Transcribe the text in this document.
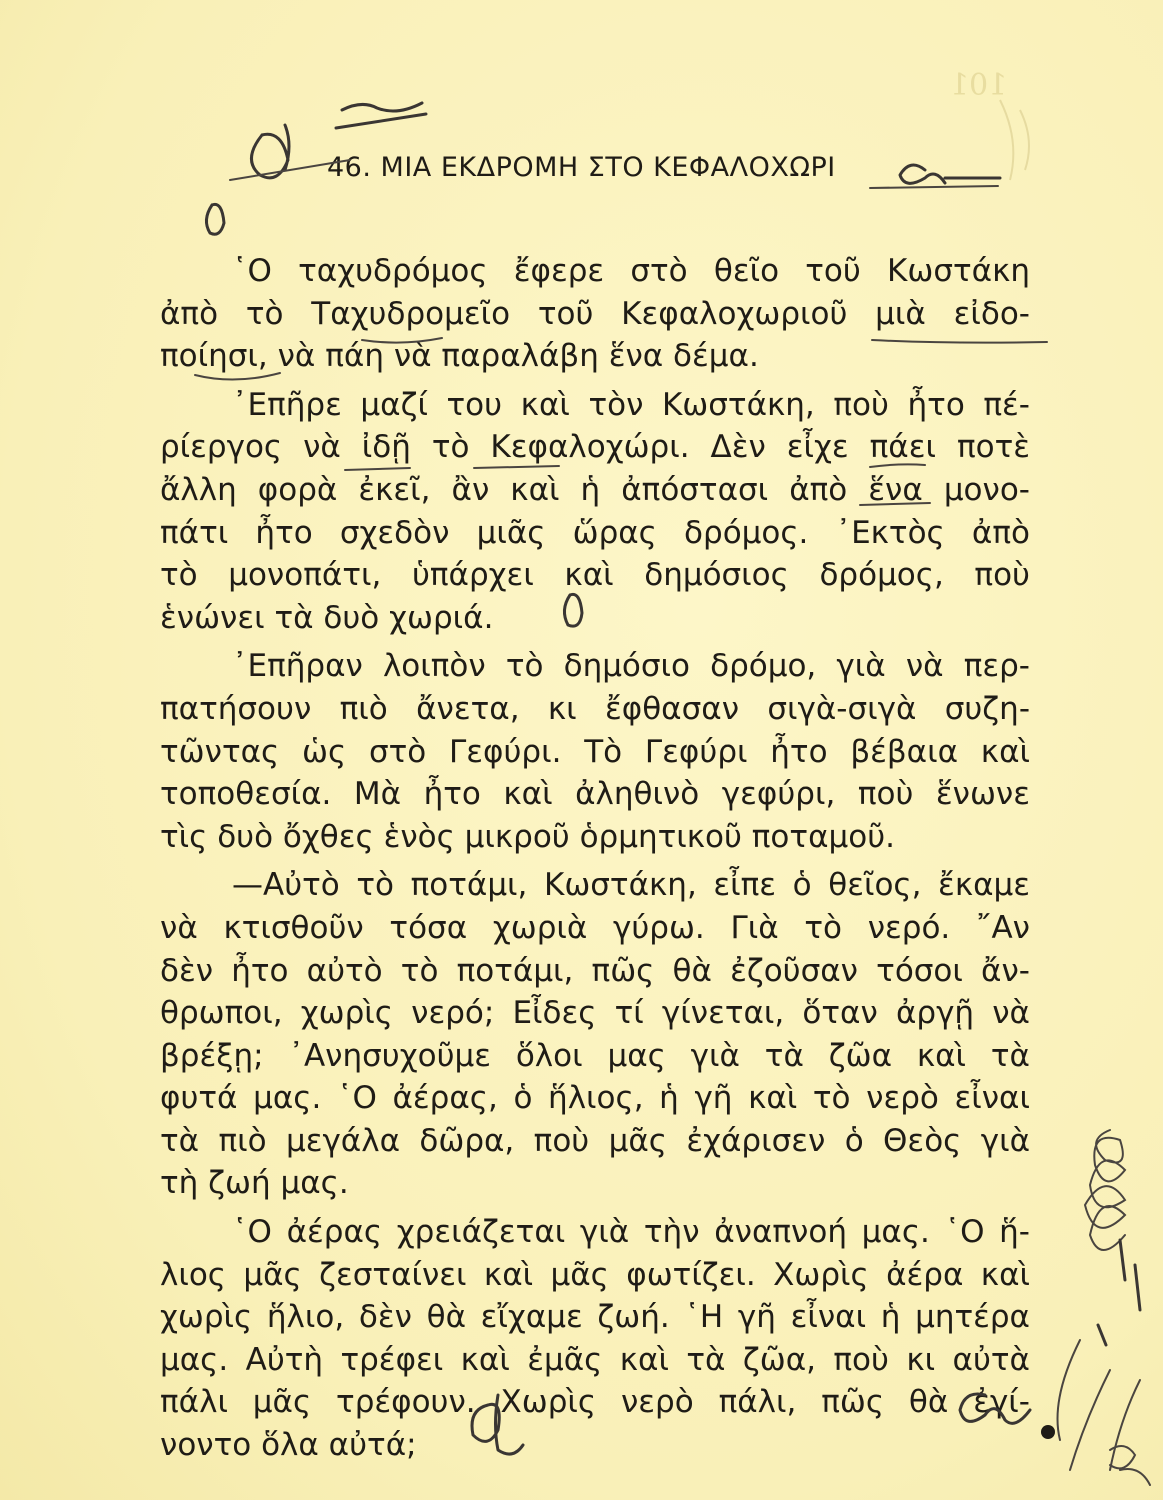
101
46. ΜΙΑ ΕΚΔΡΟΜΗ ΣΤΟ ΚΕΦΑΛΟΧΩΡΙ

῾Ο ταχυδρόμος ἔφερε στὸ θεῖο τοῦ Κωστάκη
ἀπὸ τὸ Ταχυδρομεῖο τοῦ Κεφαλοχωριοῦ μιὰ εἰδο-
ποίησι, νὰ πάη νὰ παραλάβη ἕνα δέμα.

᾿Επῆρε μαζί του καὶ τὸν Κωστάκη, ποὺ ἦτο πέ-
ρίεργος νὰ ἰδῇ τὸ Κεφαλοχώρι. Δὲν εἶχε πάει ποτὲ
ἄλλη φορὰ ἐκεῖ, ἂν καὶ ἡ ἀπόστασι ἀπὸ ἕνα μονο-
πάτι ἦτο σχεδὸν μιᾶς ὥρας δρόμος. ᾿Εκτὸς ἀπὸ
τὸ μονοπάτι, ὑπάρχει καὶ δημόσιος δρόμος, ποὺ
ἑνώνει τὰ δυὸ χωριά.

᾿Επῆραν λοιπὸν τὸ δημόσιο δρόμο, γιὰ νὰ περ-
πατήσουν πιὸ ἄνετα, κι ἔφθασαν σιγὰ-σιγὰ συζη-
τῶντας ὡς στὸ Γεφύρι. Τὸ Γεφύρι ἦτο βέβαια καὶ
τοποθεσία. Μὰ ἦτο καὶ ἀληθινὸ γεφύρι, ποὺ ἕνωνε
τὶς δυὸ ὄχθες ἑνὸς μικροῦ ὁρμητικοῦ ποταμοῦ.

—Αὐτὸ τὸ ποτάμι, Κωστάκη, εἶπε ὁ θεῖος, ἔκαμε
νὰ κτισθοῦν τόσα χωριὰ γύρω. Γιὰ τὸ νερό. ῎Αν
δὲν ἦτο αὐτὸ τὸ ποτάμι, πῶς θὰ ἐζοῦσαν τόσοι ἄν-
θρωποι, χωρὶς νερό; Εἶδες τί γίνεται, ὅταν ἀργῇ νὰ
βρέξῃ; ᾿Ανησυχοῦμε ὅλοι μας γιὰ τὰ ζῶα καὶ τὰ
φυτά μας. ῾Ο ἀέρας, ὁ ἥλιος, ἡ γῆ καὶ τὸ νερὸ εἶναι
τὰ πιὸ μεγάλα δῶρα, ποὺ μᾶς ἐχάρισεν ὁ Θεὸς γιὰ
τὴ ζωή μας.

῾Ο ἀέρας χρειάζεται γιὰ τὴν ἀναπνοή μας. ῾Ο ἥ-
λιος μᾶς ζεσταίνει καὶ μᾶς φωτίζει. Χωρὶς ἀέρα καὶ
χωρὶς ἥλιο, δὲν θὰ εἴχαμε ζωή. ῾Η γῆ εἶναι ἡ μητέρα
μας. Αὐτὴ τρέφει καὶ ἐμᾶς καὶ τὰ ζῶα, ποὺ κι αὐτὰ
πάλι μᾶς τρέφουν. Χωρὶς νερὸ πάλι, πῶς θὰ ἐγί-
νοντο ὅλα αὐτά;
